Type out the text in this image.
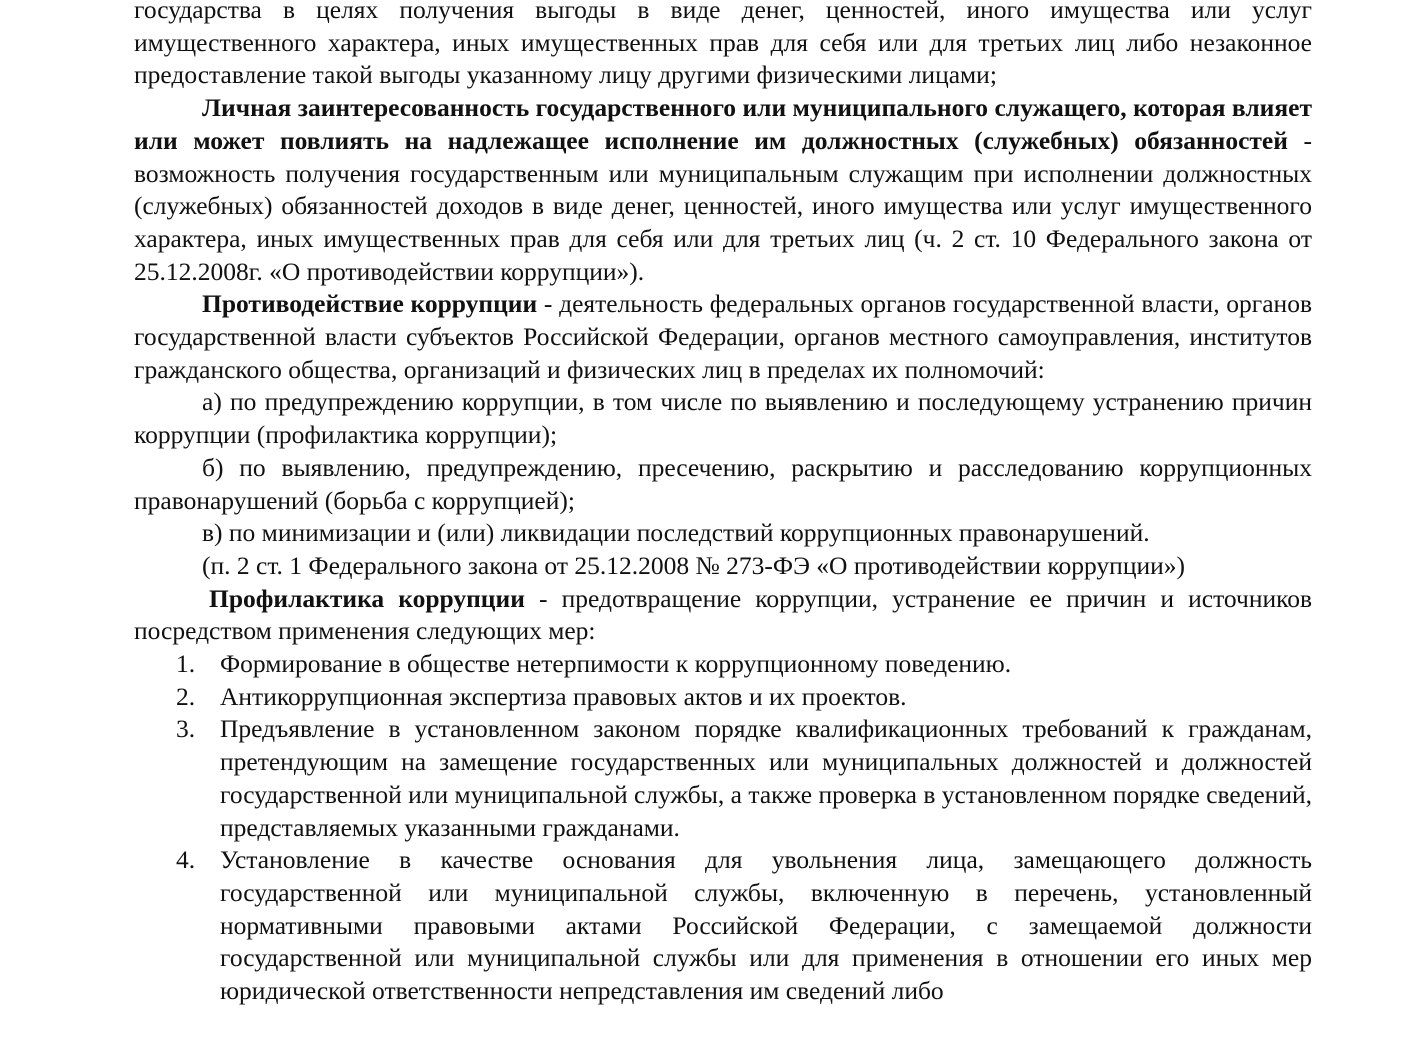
государства в целях получения выгоды в виде денег, ценностей, иного имущества или услуг имущественного характера, иных имущественных прав для себя или для третьих лиц либо незаконное предоставление такой выгоды указанному лицу другими физическими лицами;

Личная заинтересованность государственного или муниципального служащего, которая влияет или может повлиять на надлежащее исполнение им должностных (служебных) обязанностей - возможность получения государственным или муниципальным служащим при исполнении должностных (служебных) обязанностей доходов в виде денег, ценностей, иного имущества или услуг имущественного характера, иных имущественных прав для себя или для третьих лиц (ч. 2 ст. 10 Федерального закона от 25.12.2008г. «О противодействии коррупции»).

Противодействие коррупции - деятельность федеральных органов государственной власти, органов государственной власти субъектов Российской Федерации, органов местного самоуправления, институтов гражданского общества, организаций и физических лиц в пределах их полномочий:

а) по предупреждению коррупции, в том числе по выявлению и последующему устранению причин коррупции (профилактика коррупции);

б) по выявлению, предупреждению, пресечению, раскрытию и расследованию коррупционных правонарушений (борьба с коррупцией);

в) по минимизации и (или) ликвидации последствий коррупционных правонарушений.

(п. 2 ст. 1 Федерального закона от 25.12.2008 № 273-ФЭ «О противодействии коррупции»)

Профилактика коррупции - предотвращение коррупции, устранение ее причин и источников посредством применения следующих мер:

1. Формирование в обществе нетерпимости к коррупционному поведению.
2. Антикоррупционная экспертиза правовых актов и их проектов.
3. Предъявление в установленном законом порядке квалификационных требований к гражданам, претендующим на замещение государственных или муниципальных должностей и должностей государственной или муниципальной службы, а также проверка в установленном порядке сведений, представляемых указанными гражданами.
4. Установление в качестве основания для увольнения лица, замещающего должность государственной или муниципальной службы, включенную в перечень, установленный нормативными правовыми актами Российской Федерации, с замещаемой должности государственной или муниципальной службы или для применения в отношении его иных мер юридической ответственности непредставления им сведений либо
